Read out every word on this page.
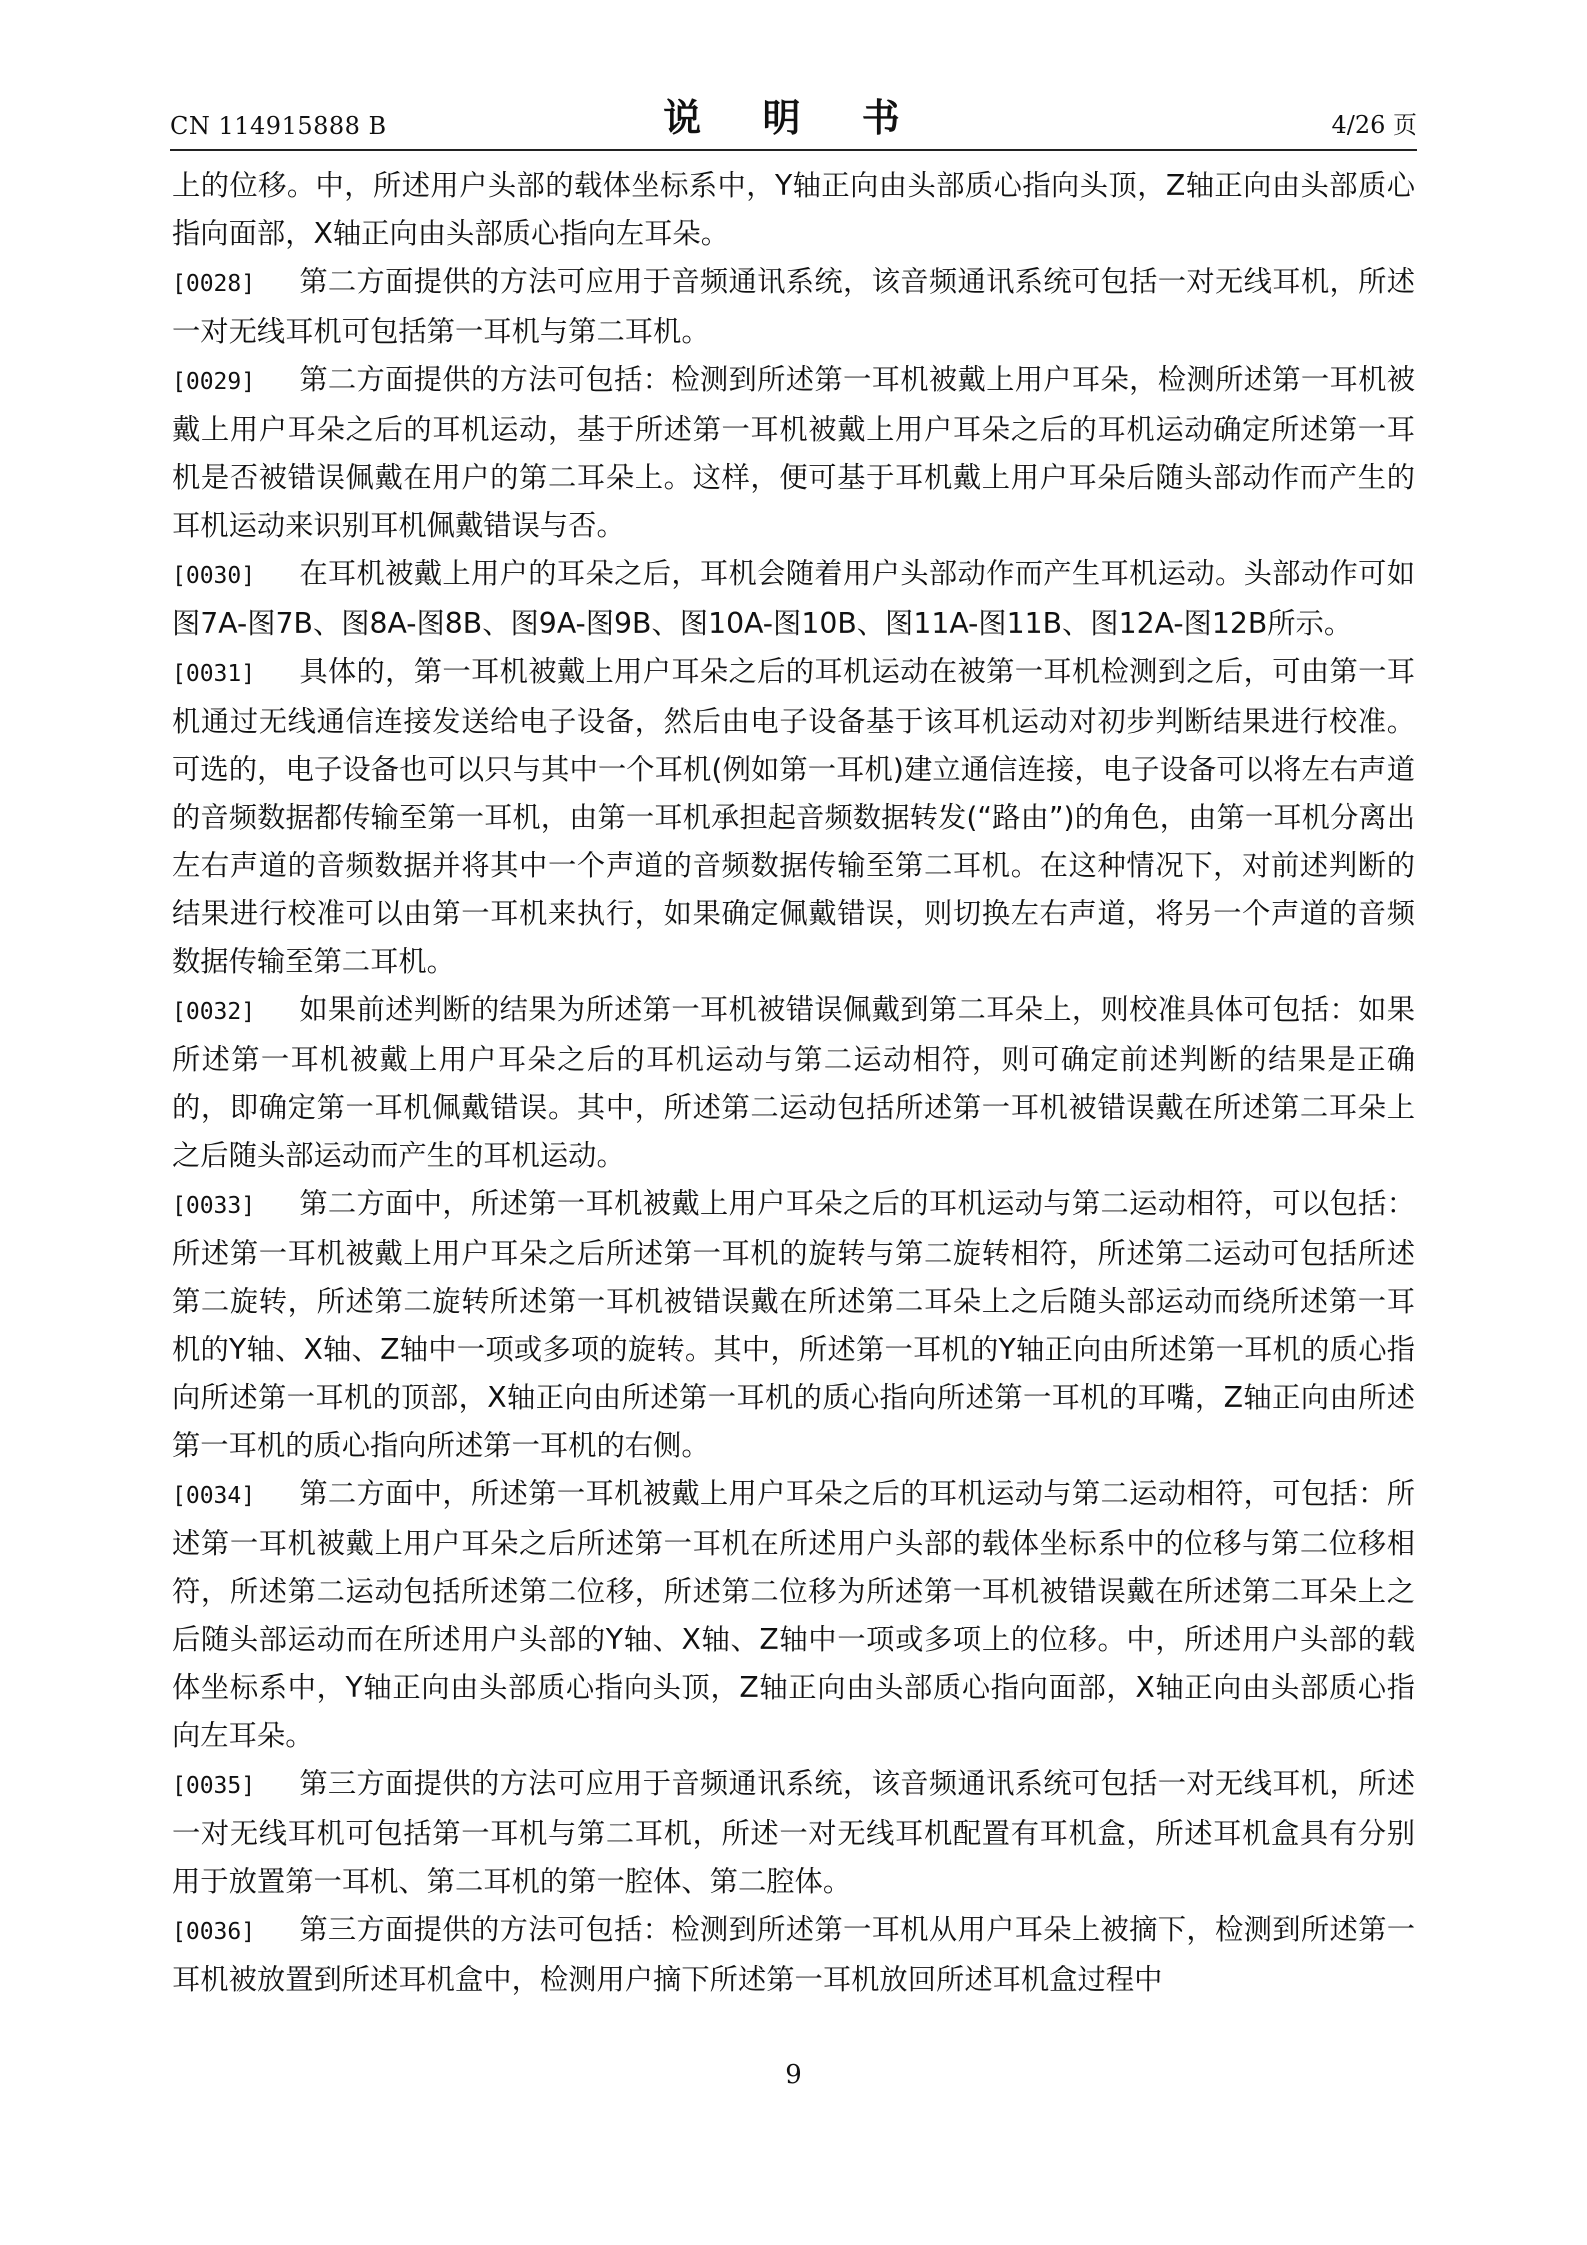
CN 114915888 B	说 明 书	4/26 页

上的位移。中，所述用户头部的载体坐标系中，Y轴正向由头部质心指向头顶，Z轴正向由头部质心指向面部，X轴正向由头部质心指向左耳朵。

[0028] 第二方面提供的方法可应用于音频通讯系统，该音频通讯系统可包括一对无线耳机，所述一对无线耳机可包括第一耳机与第二耳机。

[0029] 第二方面提供的方法可包括：检测到所述第一耳机被戴上用户耳朵，检测所述第一耳机被戴上用户耳朵之后的耳机运动，基于所述第一耳机被戴上用户耳朵之后的耳机运动确定所述第一耳机是否被错误佩戴在用户的第二耳朵上。这样，便可基于耳机戴上用户耳朵后随头部动作而产生的耳机运动来识别耳机佩戴错误与否。

[0030] 在耳机被戴上用户的耳朵之后，耳机会随着用户头部动作而产生耳机运动。头部动作可如图7A-图7B、图8A-图8B、图9A-图9B、图10A-图10B、图11A-图11B、图12A-图12B所示。

[0031] 具体的，第一耳机被戴上用户耳朵之后的耳机运动在被第一耳机检测到之后，可由第一耳机通过无线通信连接发送给电子设备，然后由电子设备基于该耳机运动对初步判断结果进行校准。可选的，电子设备也可以只与其中一个耳机(例如第一耳机)建立通信连接，电子设备可以将左右声道的音频数据都传输至第一耳机，由第一耳机承担起音频数据转发(“路由”)的角色，由第一耳机分离出左右声道的音频数据并将其中一个声道的音频数据传输至第二耳机。在这种情况下，对前述判断的结果进行校准可以由第一耳机来执行，如果确定佩戴错误，则切换左右声道，将另一个声道的音频数据传输至第二耳机。

[0032] 如果前述判断的结果为所述第一耳机被错误佩戴到第二耳朵上，则校准具体可包括：如果所述第一耳机被戴上用户耳朵之后的耳机运动与第二运动相符，则可确定前述判断的结果是正确的，即确定第一耳机佩戴错误。其中，所述第二运动包括所述第一耳机被错误戴在所述第二耳朵上之后随头部运动而产生的耳机运动。

[0033] 第二方面中，所述第一耳机被戴上用户耳朵之后的耳机运动与第二运动相符，可以包括：所述第一耳机被戴上用户耳朵之后所述第一耳机的旋转与第二旋转相符，所述第二运动可包括所述第二旋转，所述第二旋转所述第一耳机被错误戴在所述第二耳朵上之后随头部运动而绕所述第一耳机的Y轴、X轴、Z轴中一项或多项的旋转。其中，所述第一耳机的Y轴正向由所述第一耳机的质心指向所述第一耳机的顶部，X轴正向由所述第一耳机的质心指向所述第一耳机的耳嘴，Z轴正向由所述第一耳机的质心指向所述第一耳机的右侧。

[0034] 第二方面中，所述第一耳机被戴上用户耳朵之后的耳机运动与第二运动相符，可包括：所述第一耳机被戴上用户耳朵之后所述第一耳机在所述用户头部的载体坐标系中的位移与第二位移相符，所述第二运动包括所述第二位移，所述第二位移为所述第一耳机被错误戴在所述第二耳朵上之后随头部运动而在所述用户头部的Y轴、X轴、Z轴中一项或多项上的位移。中，所述用户头部的载体坐标系中，Y轴正向由头部质心指向头顶，Z轴正向由头部质心指向面部，X轴正向由头部质心指向左耳朵。

[0035] 第三方面提供的方法可应用于音频通讯系统，该音频通讯系统可包括一对无线耳机，所述一对无线耳机可包括第一耳机与第二耳机，所述一对无线耳机配置有耳机盒，所述耳机盒具有分别用于放置第一耳机、第二耳机的第一腔体、第二腔体。

[0036] 第三方面提供的方法可包括：检测到所述第一耳机从用户耳朵上被摘下，检测到所述第一耳机被放置到所述耳机盒中，检测用户摘下所述第一耳机放回所述耳机盒过程中

9
